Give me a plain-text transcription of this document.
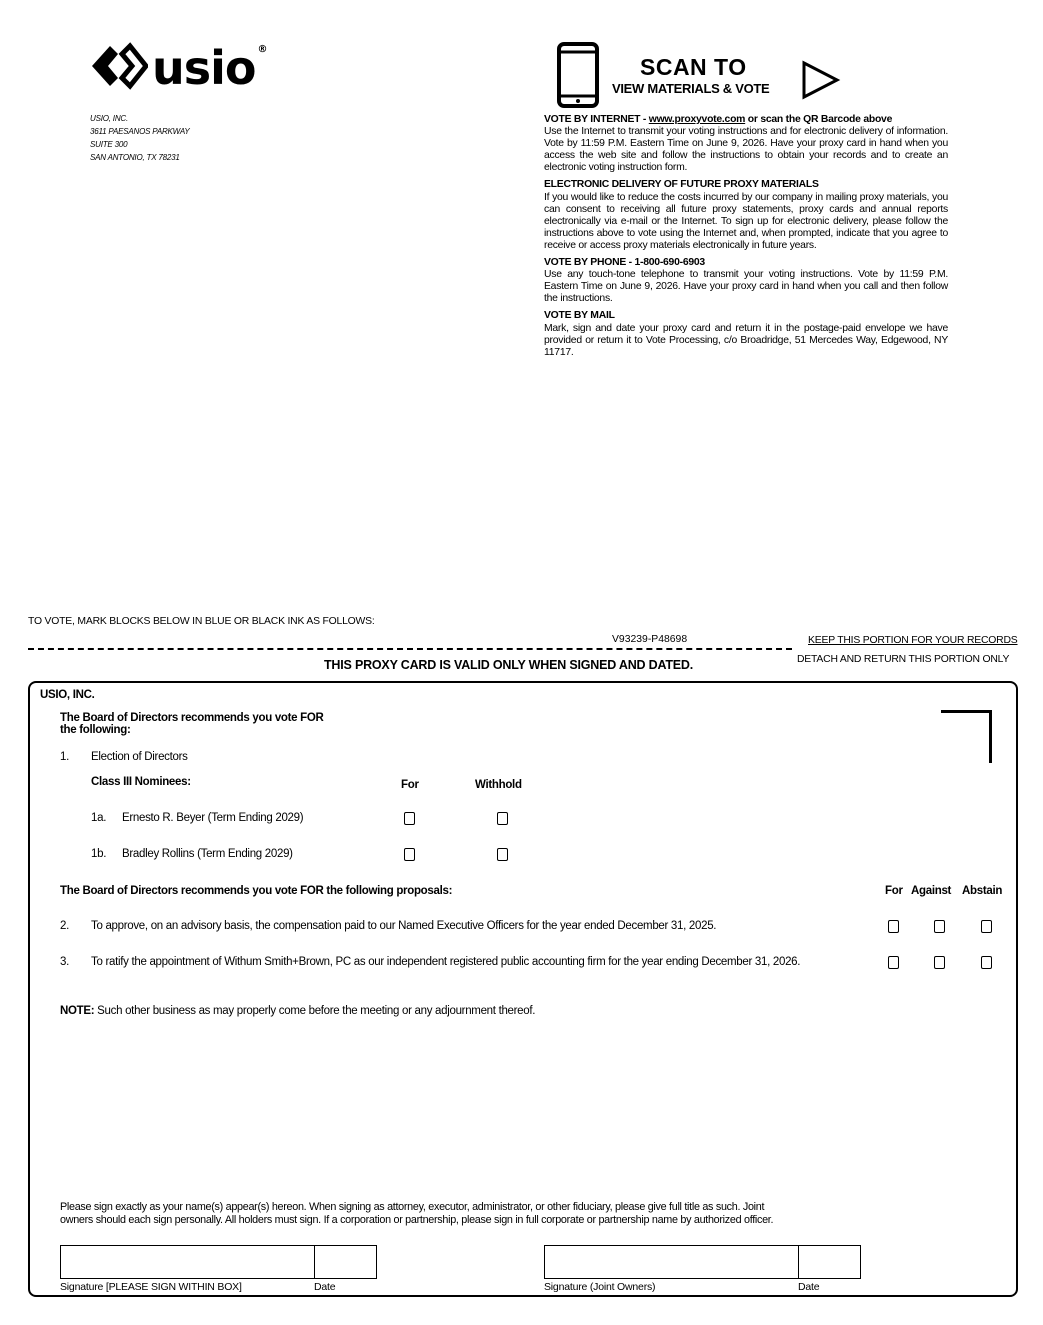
usio ®
USIO, INC.
3611 PAESANOS PARKWAY
SUITE 300
SAN ANTONIO, TX 78231
SCAN TO
VIEW MATERIALS & VOTE

VOTE BY INTERNET - www.proxyvote.com or scan the QR Barcode above
Use the Internet to transmit your voting instructions and for electronic delivery of information. Vote by 11:59 P.M. Eastern Time on June 9, 2026. Have your proxy card in hand when you access the web site and follow the instructions to obtain your records and to create an electronic voting instruction form.

ELECTRONIC DELIVERY OF FUTURE PROXY MATERIALS
If you would like to reduce the costs incurred by our company in mailing proxy materials, you can consent to receiving all future proxy statements, proxy cards and annual reports electronically via e-mail or the Internet. To sign up for electronic delivery, please follow the instructions above to vote using the Internet and, when prompted, indicate that you agree to receive or access proxy materials electronically in future years.

VOTE BY PHONE - 1-800-690-6903
Use any touch-tone telephone to transmit your voting instructions. Vote by 11:59 P.M. Eastern Time on June 9, 2026. Have your proxy card in hand when you call and then follow the instructions.

VOTE BY MAIL
Mark, sign and date your proxy card and return it in the postage-paid envelope we have provided or return it to Vote Processing, c/o Broadridge, 51 Mercedes Way, Edgewood, NY 11717.

TO VOTE, MARK BLOCKS BELOW IN BLUE OR BLACK INK AS FOLLOWS:
V93239-P48698	KEEP THIS PORTION FOR YOUR RECORDS
DETACH AND RETURN THIS PORTION ONLY
THIS PROXY CARD IS VALID ONLY WHEN SIGNED AND DATED.
USIO, INC.
The Board of Directors recommends you vote FOR
the following:
1. Election of Directors
Class III Nominees:	For	Withhold
1a. Ernesto R. Beyer (Term Ending 2029)
1b. Bradley Rollins (Term Ending 2029)
The Board of Directors recommends you vote FOR the following proposals:	For Against Abstain
2. To approve, on an advisory basis, the compensation paid to our Named Executive Officers for the year ended December 31, 2025.
3. To ratify the appointment of Withum Smith+Brown, PC as our independent registered public accounting firm for the year ending December 31, 2026.
NOTE: Such other business as may properly come before the meeting or any adjournment thereof.
Please sign exactly as your name(s) appear(s) hereon. When signing as attorney, executor, administrator, or other fiduciary, please give full title as such. Joint
owners should each sign personally. All holders must sign. If a corporation or partnership, please sign in full corporate or partnership name by authorized officer.
Signature [PLEASE SIGN WITHIN BOX]	Date	Signature (Joint Owners)	Date
